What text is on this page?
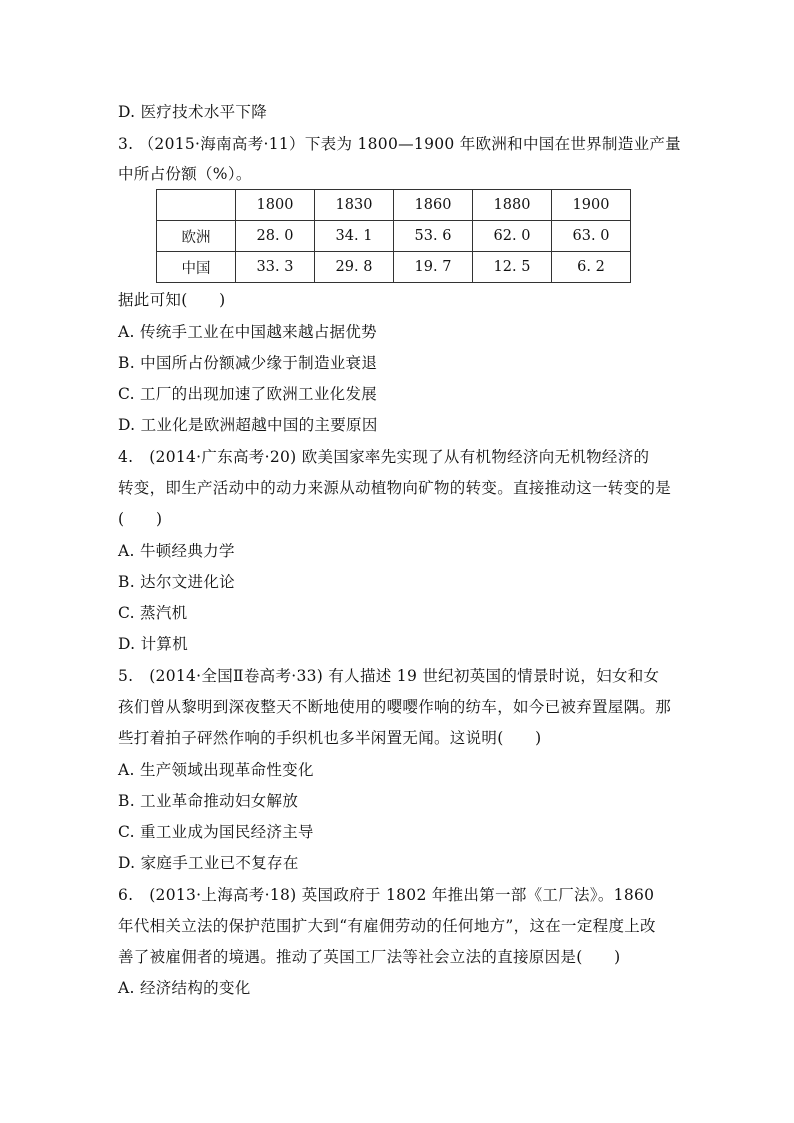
D. 医疗技术水平下降
3. （2015·海南高考·11）下表为 1800—1900 年欧洲和中国在世界制造业产量
中所占份额（%）。
	1800	1830	1860	1880	1900
欧洲	28. 0	34. 1	53. 6	62. 0	63. 0
中国	33. 3	29. 8	19. 7	12. 5	6. 2
据此可知(　　)
A. 传统手工业在中国越来越占据优势
B. 中国所占份额减少缘于制造业衰退
C. 工厂的出现加速了欧洲工业化发展
D. 工业化是欧洲超越中国的主要原因
4.　(2014·广东高考·20) 欧美国家率先实现了从有机物经济向无机物经济的
转变，即生产活动中的动力来源从动植物向矿物的转变。直接推动这一转变的是
(　　)
A. 牛顿经典力学
B. 达尔文进化论
C. 蒸汽机
D. 计算机
5.　(2014·全国Ⅱ卷高考·33) 有人描述 19 世纪初英国的情景时说，妇女和女
孩们曾从黎明到深夜整天不断地使用的嘤嘤作响的纺车，如今已被弃置屋隅。那
些打着拍子砰然作响的手织机也多半闲置无闻。这说明(　　)
A. 生产领域出现革命性变化
B. 工业革命推动妇女解放
C. 重工业成为国民经济主导
D. 家庭手工业已不复存在
6.　(2013·上海高考·18) 英国政府于 1802 年推出第一部《工厂法》。1860
年代相关立法的保护范围扩大到“有雇佣劳动的任何地方”，这在一定程度上改
善了被雇佣者的境遇。推动了英国工厂法等社会立法的直接原因是(　　)
A. 经济结构的变化
